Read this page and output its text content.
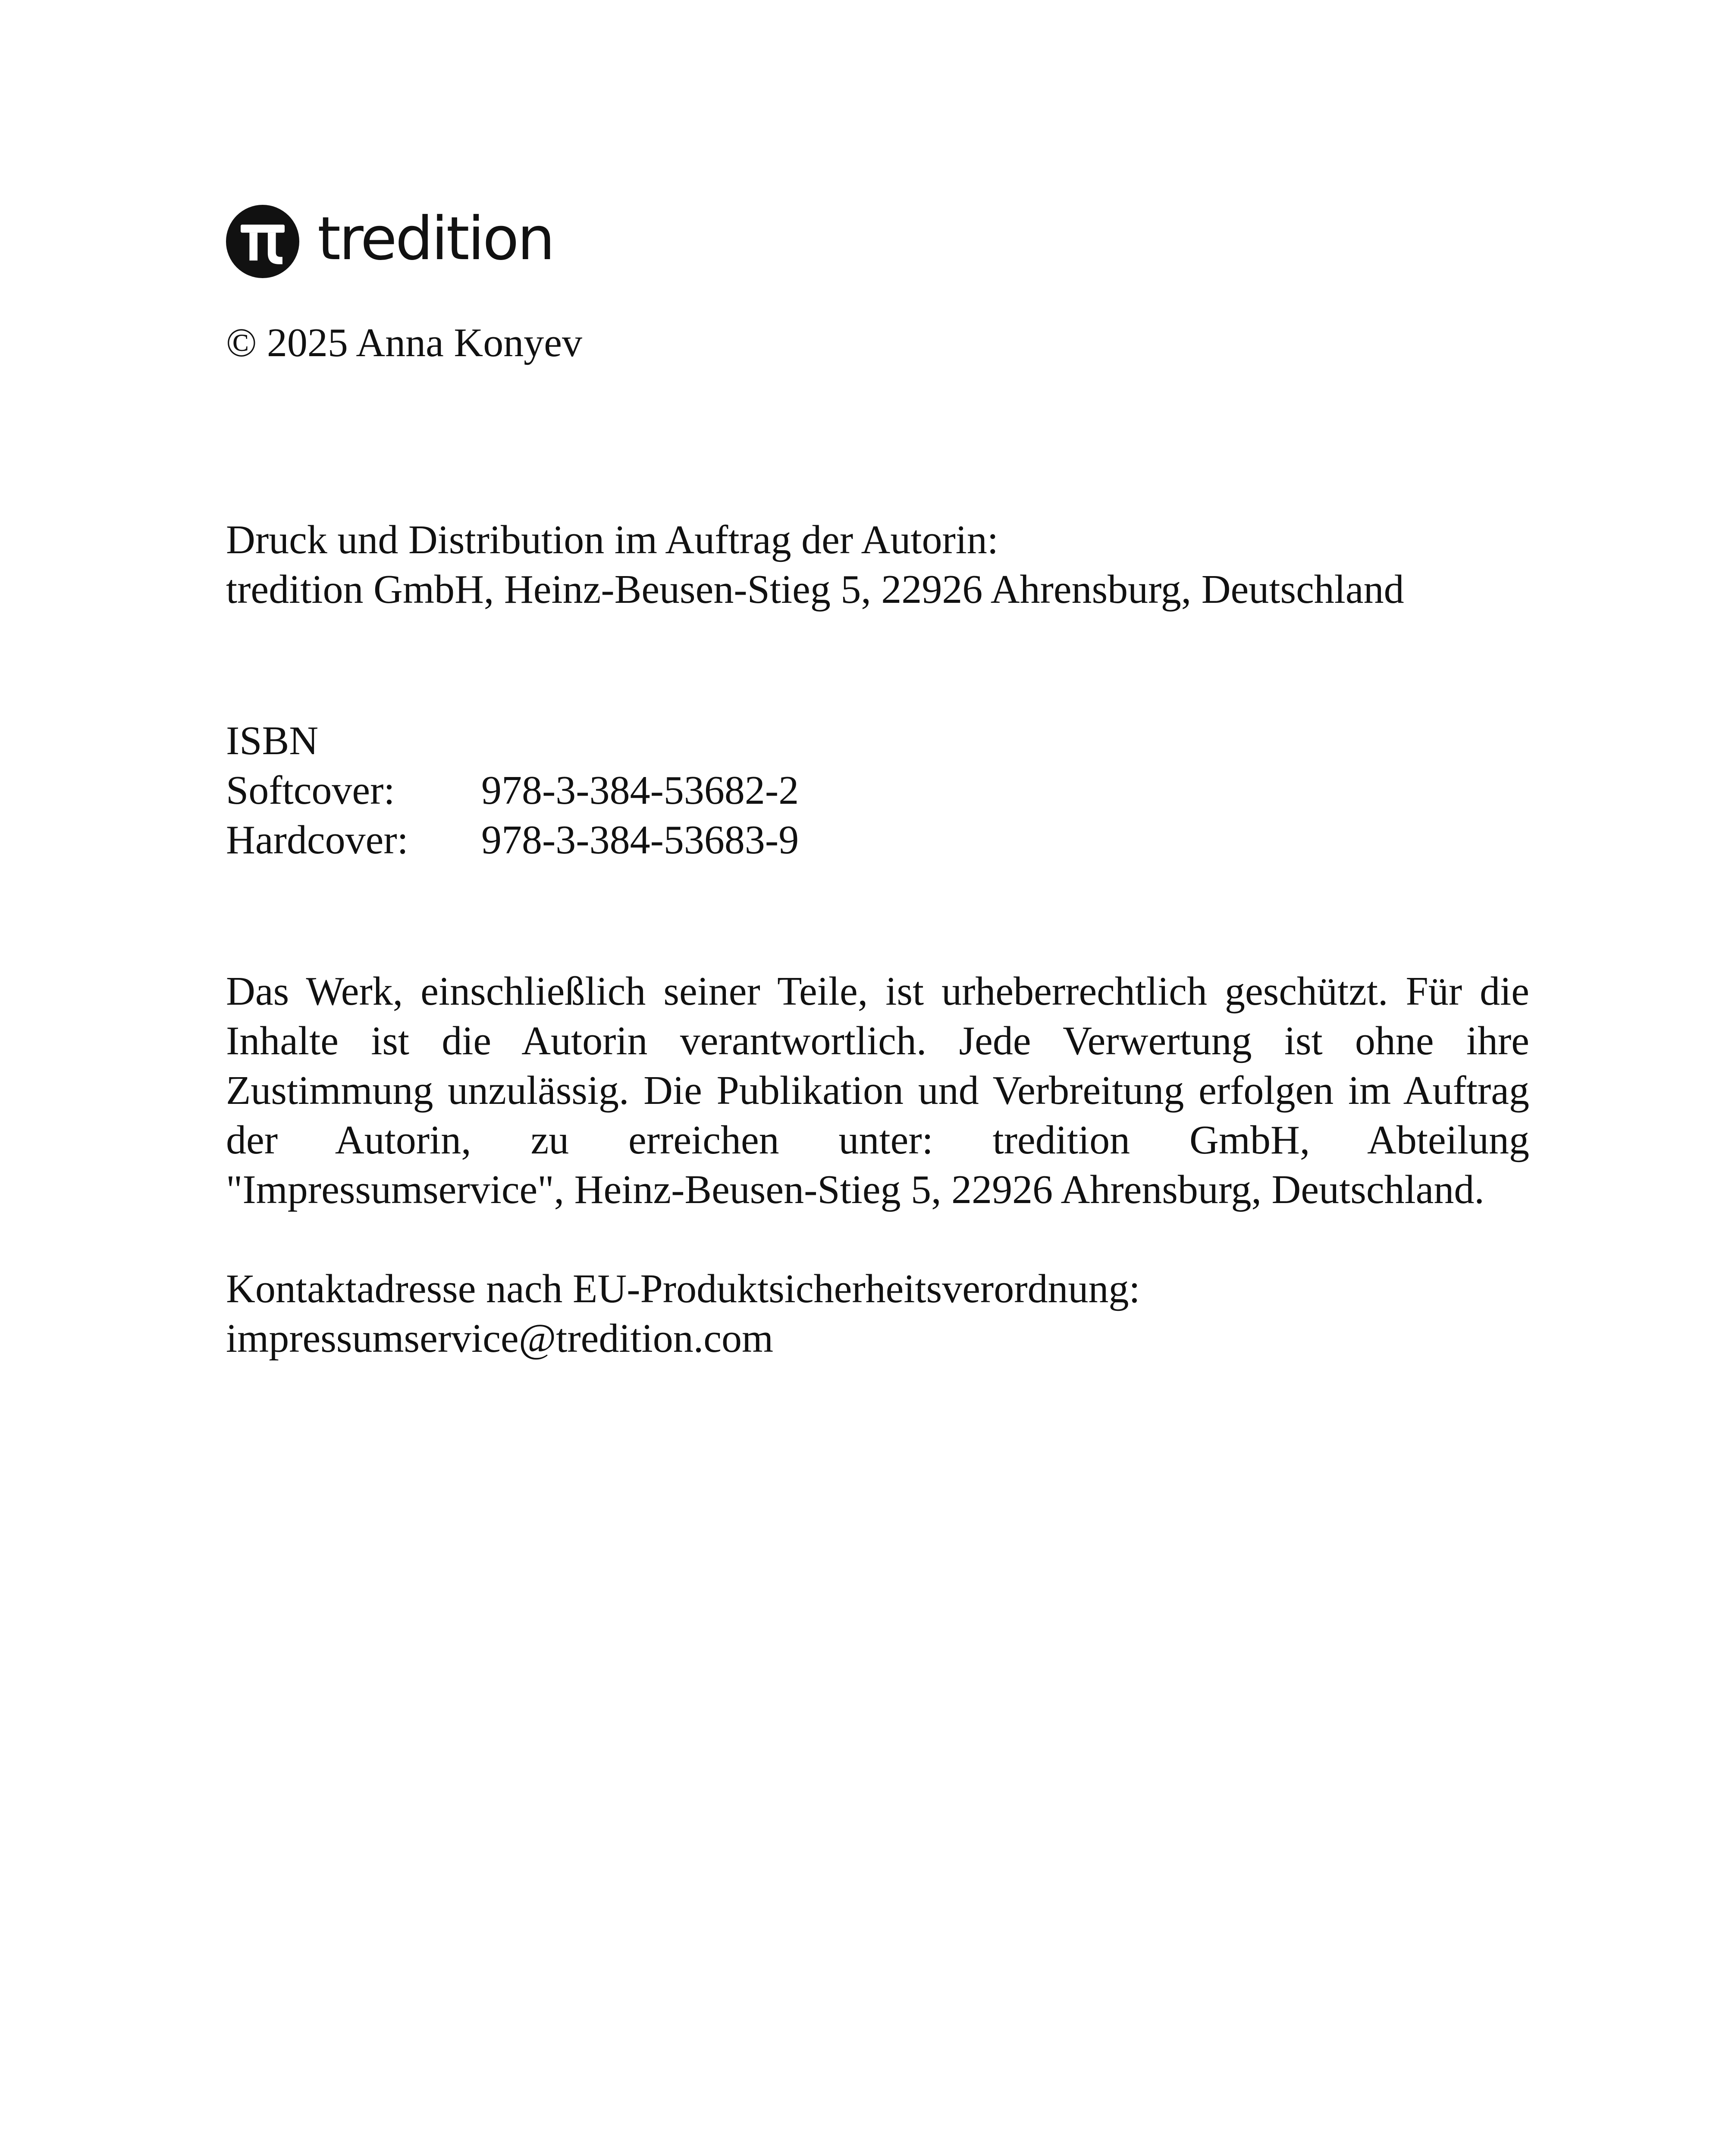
tredition
© 2025 Anna Konyev
Druck und Distribution im Auftrag der Autorin:
tredition GmbH, Heinz-Beusen-Stieg 5, 22926 Ahrensburg, Deutschland
ISBN
Softcover:	978-3-384-53682-2
Hardcover:	978-3-384-53683-9
Das Werk, einschließlich seiner Teile, ist urheberrechtlich geschützt. Für die Inhalte ist die Autorin verantwortlich. Jede Verwertung ist ohne ihre Zustimmung unzulässig. Die Publikation und Verbreitung erfolgen im Auftrag der Autorin, zu erreichen unter: tredition GmbH, Abteilung "Impressumservice", Heinz-Beusen-Stieg 5, 22926 Ahrensburg, Deutschland.
Kontaktadresse nach EU-Produktsicherheitsverordnung:
impressumservice@tredition.com
